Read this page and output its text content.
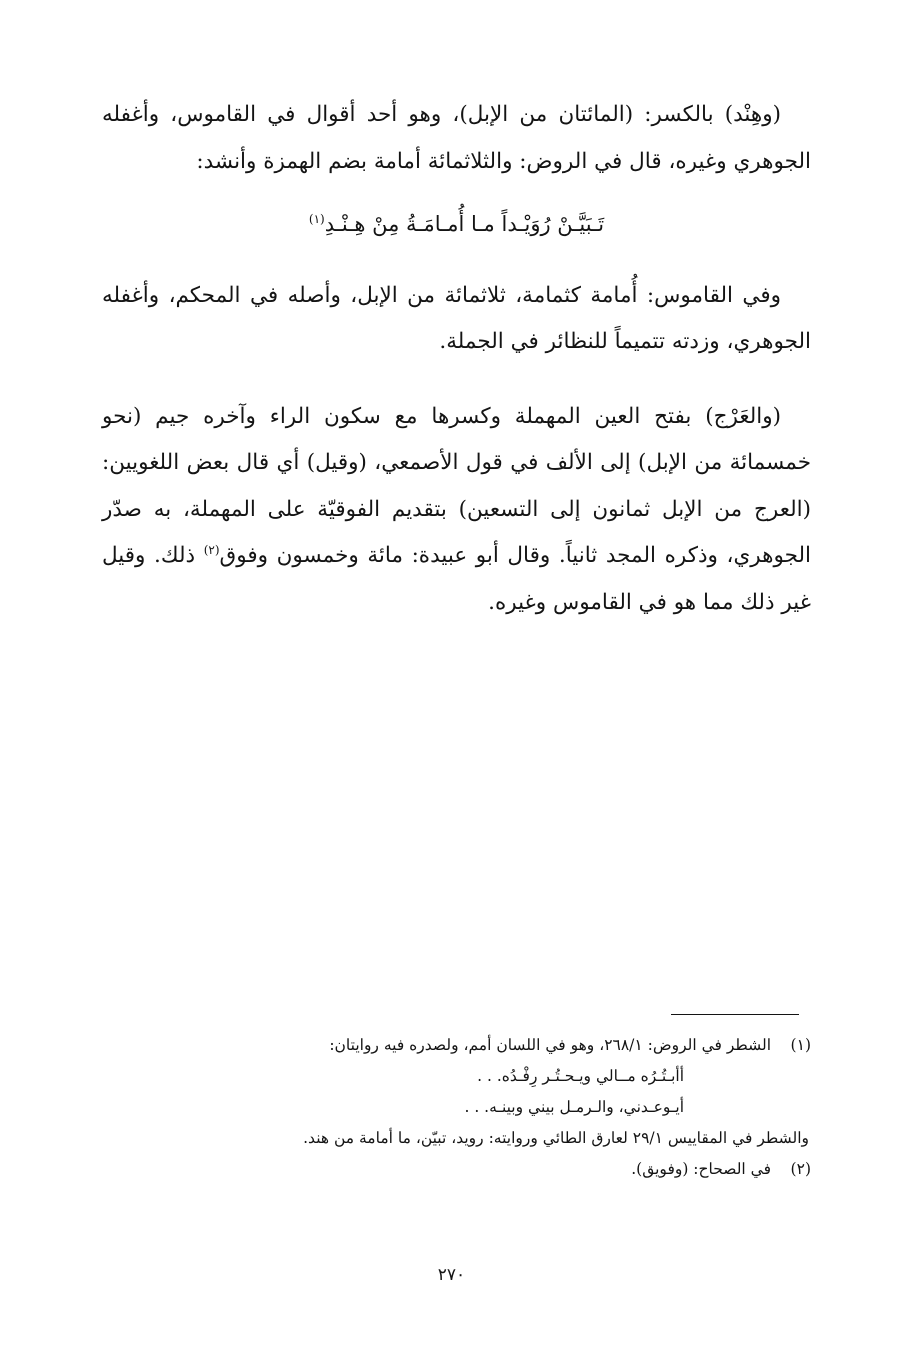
(وهِنْد) بالكسر: (المائتان من الإبل)، وهو أحد أقوال في القاموس، وأغفله الجوهري وغيره، قال في الروض: والثلاثمائة أمامة بضم الهمزة وأنشد:

تَـبَيَّـنْ رُوَيْـداً مـا أُمـامَـةُ مِنْ هِـنْـدِ$^{(١)}$

وفي القاموس: أُمامة كثمامة، ثلاثمائة من الإبل، وأصله في المحكم، وأغفله الجوهري، وزدته تتميماً للنظائر في الجملة.

(والعَرْج) بفتح العين المهملة وكسرها مع سكون الراء وآخره جيم (نحو خمسمائة من الإبل) إلى الألف في قول الأصمعي، (وقيل) أي قال بعض اللغويين: (العرج من الإبل ثمانون إلى التسعين) بتقديم الفوقيّة على المهملة، به صدّر الجوهري، وذكره المجد ثانياً. وقال أبو عبيدة: مائة وخمسون وفوق$^{(٢)}$ ذلك. وقيل غير ذلك مما هو في القاموس وغيره.

(١)الشطر في الروض: ٢٦٨/١، وهو في اللسان أمم، ولصدره فيه روايتان:
أأبـتُـرُه مــالي ويـحـتُـر رِفْـدُه. . .
أيـوعـدني، والـرمـل بيني وبينـه. . .
والشطر في المقاييس ٢٩/١ لعارق الطائي وروايته: رويد، تبيّن، ما أمامة من هند.
(٢)في الصحاح: (وفويق).
٢٧٠
